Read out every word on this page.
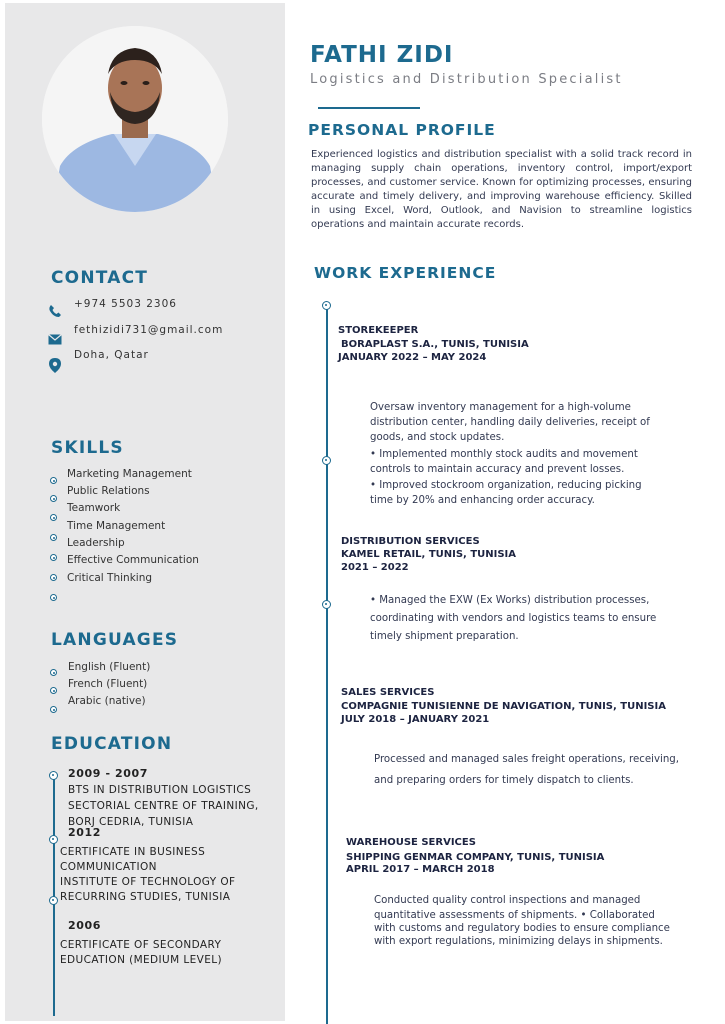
CONTACT
+974 5503 2306
fethizidi731@gmail.com
Doha, Qatar
SKILLS
Marketing Management
Public Relations
Teamwork
Time Management
Leadership
Effective Communication
Critical Thinking
LANGUAGES
English (Fluent)
French (Fluent)
Arabic (native)
EDUCATION
2009 - 2007
BTS IN DISTRIBUTION LOGISTICS
SECTORIAL CENTRE OF TRAINING,
BORJ CEDRIA, TUNISIA
2012
CERTIFICATE IN BUSINESS
COMMUNICATION
INSTITUTE OF TECHNOLOGY OF
RECURRING STUDIES, TUNISIA
2006
CERTIFICATE OF SECONDARY
EDUCATION (MEDIUM LEVEL)
FATHI ZIDI
Logistics and Distribution Specialist
PERSONAL PROFILE
Experienced logistics and distribution specialist with a solid track record in managing supply chain operations, inventory control, import/export processes, and customer service. Known for optimizing processes, ensuring accurate and timely delivery, and improving warehouse efficiency. Skilled in using Excel, Word, Outlook, and Navision to streamline logistics operations and maintain accurate records.
WORK EXPERIENCE
STOREKEEPER
BORAPLAST S.A., TUNIS, TUNISIA
JANUARY 2022 – MAY 2024
Oversaw inventory management for a high-volume
distribution center, handling daily deliveries, receipt of
goods, and stock updates.
• Implemented monthly stock audits and movement
controls to maintain accuracy and prevent losses.
• Improved stockroom organization, reducing picking
time by 20% and enhancing order accuracy.
DISTRIBUTION SERVICES
KAMEL RETAIL, TUNIS, TUNISIA
2021 – 2022
• Managed the EXW (Ex Works) distribution processes,
coordinating with vendors and logistics teams to ensure
timely shipment preparation.
SALES SERVICES
COMPAGNIE TUNISIENNE DE NAVIGATION, TUNIS, TUNISIA
JULY 2018 – JANUARY 2021
Processed and managed sales freight operations, receiving,
and preparing orders for timely dispatch to clients.
WAREHOUSE SERVICES
SHIPPING GENMAR COMPANY, TUNIS, TUNISIA
APRIL 2017 – MARCH 2018
Conducted quality control inspections and managed
quantitative assessments of shipments. • Collaborated
with customs and regulatory bodies to ensure compliance
with export regulations, minimizing delays in shipments.
